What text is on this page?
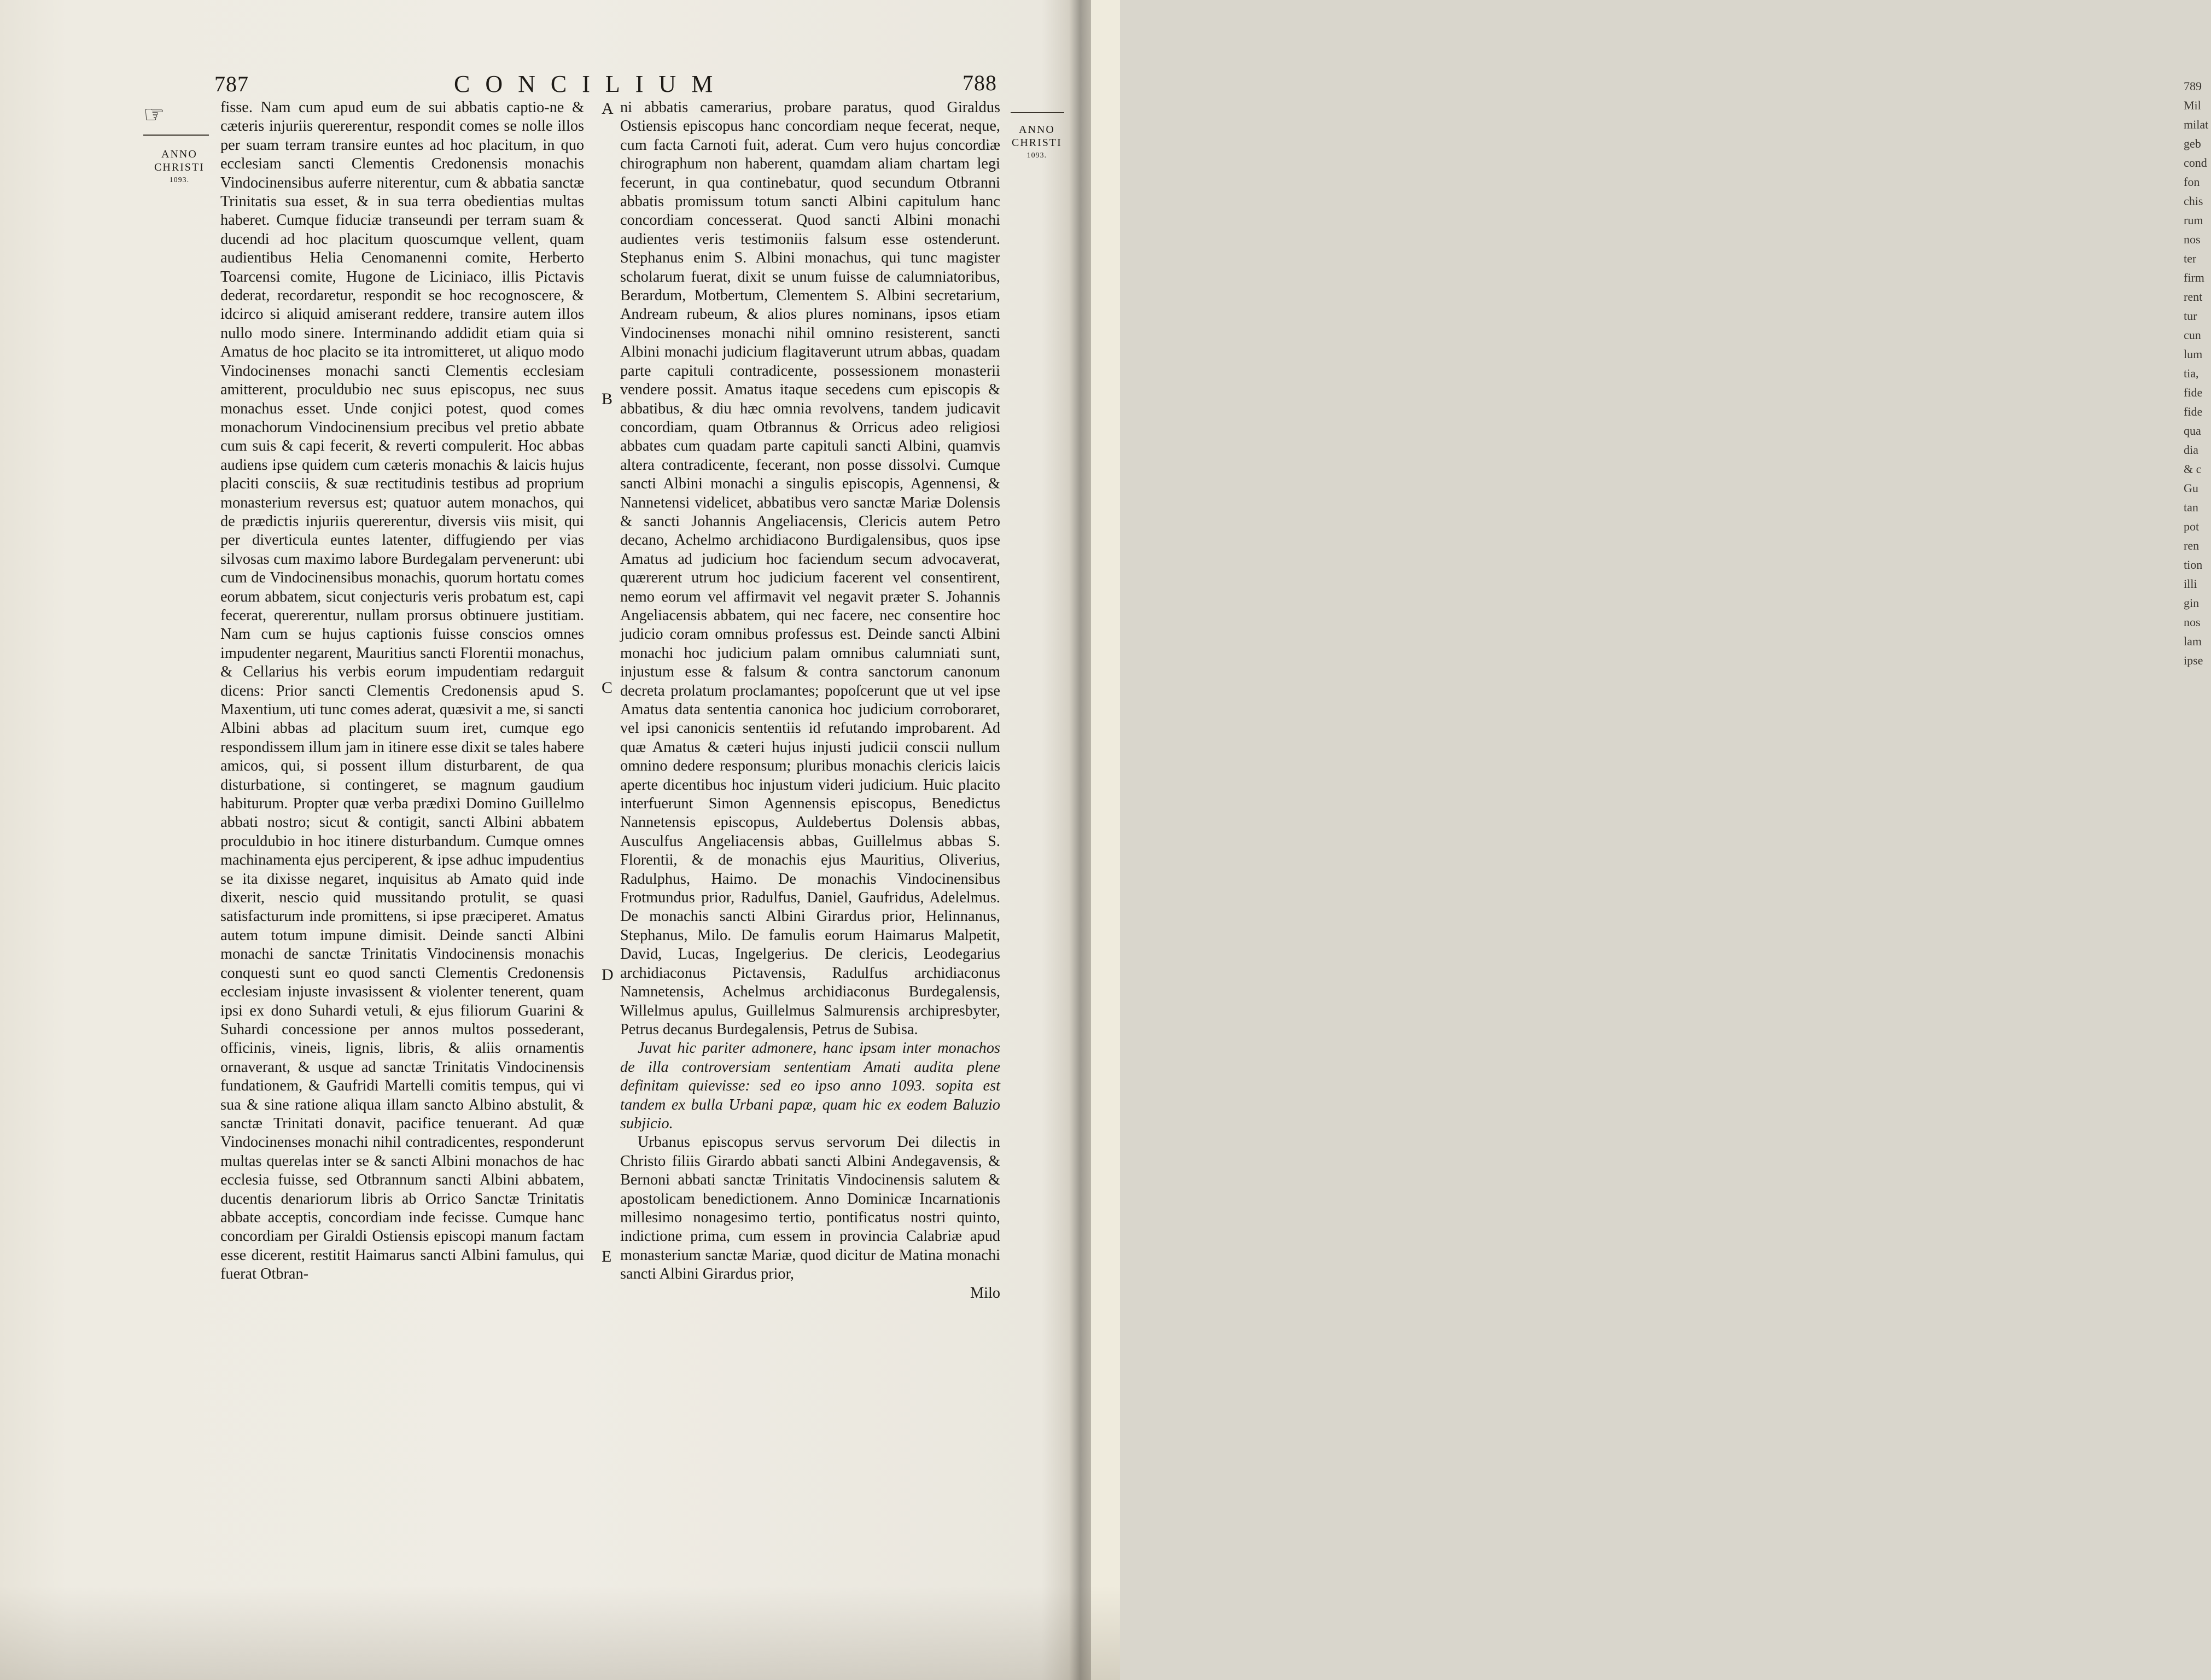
789
Mil
milat
geb
cond
fon
chis
rum
nos
ter
firm
rent
tur
cun
lum
tia,
fide
fide
qua
dia
& c
Gu
tan
pot
ren
tion
illi
gin
nos
lam
ipse
787	CONCILIUM	788
☞
ANNO
CHRISTI
1093.
ANNO
CHRISTI
1093.
A
B
C
D
E

fisse. Nam cum apud eum de sui abbatis captio-ne & cæteris injuriis quererentur, respondit comes se nolle illos per suam terram transire euntes ad hoc placitum, in quo ecclesiam sancti Clementis Credonensis monachis Vindocinensibus auferre niterentur, cum & abbatia sanctæ Trinitatis sua esset, & in sua terra obedientias multas haberet. Cumque fiduciæ transeundi per terram suam & ducendi ad hoc placitum quoscumque vellent, quam audientibus Helia Cenomanenni comite, Herberto Toarcensi comite, Hugone de Liciniaco, illis Pictavis dederat, recordaretur, respondit se hoc recognoscere, & idcirco si aliquid amiserant reddere, transire autem illos nullo modo sinere. Interminando addidit etiam quia si Amatus de hoc placito se ita intromitteret, ut aliquo modo Vindocinenses monachi sancti Clementis ecclesiam amitterent, proculdubio nec suus episcopus, nec suus monachus esset. Unde conjici potest, quod comes monachorum Vindocinensium precibus vel pretio abbate cum suis & capi fecerit, & reverti compulerit. Hoc abbas audiens ipse quidem cum cæteris monachis & laicis hujus placiti consciis, & suæ rectitudinis testibus ad proprium monasterium reversus est; quatuor autem monachos, qui de prædictis injuriis quererentur, diversis viis misit, qui per diverticula euntes latenter, diffugiendo per vias silvosas cum maximo labore Burdegalam pervenerunt: ubi cum de Vindocinensibus monachis, quorum hortatu comes eorum abbatem, sicut conjecturis veris probatum est, capi fecerat, quererentur, nullam prorsus obtinuere justitiam. Nam cum se hujus captionis fuisse conscios omnes impudenter negarent, Mauritius sancti Florentii monachus, & Cellarius his verbis eorum impudentiam redarguit dicens: Prior sancti Clementis Credonensis apud S. Maxentium, uti tunc comes aderat, quæsivit a me, si sancti Albini abbas ad placitum suum iret, cumque ego respondissem illum jam in itinere esse dixit se tales habere amicos, qui, si possent illum disturbarent, de qua disturbatione, si contingeret, se magnum gaudium habiturum. Propter quæ verba prædixi Domino Guillelmo abbati nostro; sicut & contigit, sancti Albini abbatem proculdubio in hoc itinere disturbandum. Cumque omnes machinamenta ejus perciperent, & ipse adhuc impudentius se ita dixisse negaret, inquisitus ab Amato quid inde dixerit, nescio quid mussitando protulit, se quasi satisfacturum inde promittens, si ipse præciperet. Amatus autem totum impune dimisit. Deinde sancti Albini monachi de sanctæ Trinitatis Vindocinensis monachis conquesti sunt eo quod sancti Clementis Credonensis ecclesiam injuste invasissent & violenter tenerent, quam ipsi ex dono Suhardi vetuli, & ejus filiorum Guarini & Suhardi concessione per annos multos possederant, officinis, vineis, lignis, libris, & aliis ornamentis ornaverant, & usque ad sanctæ Trinitatis Vindocinensis fundationem, & Gaufridi Martelli comitis tempus, qui vi sua & sine ratione aliqua illam sancto Albino abstulit, & sanctæ Trinitati donavit, pacifice tenuerant. Ad quæ Vindocinenses monachi nihil contradicentes, responderunt multas querelas inter se & sancti Albini monachos de hac ecclesia fuisse, sed Otbrannum sancti Albini abbatem, ducentis denariorum libris ab Orrico Sanctæ Trinitatis abbate acceptis, concordiam inde fecisse. Cumque hanc concordiam per Giraldi Ostiensis episcopi manum factam esse dicerent, restitit Haimarus sancti Albini famulus, qui fuerat Otbran-

ni abbatis camerarius, probare paratus, quod Giraldus Ostiensis episcopus hanc concordiam neque fecerat, neque, cum facta Carnoti fuit, aderat. Cum vero hujus concordiæ chirographum non haberent, quamdam aliam chartam legi fecerunt, in qua continebatur, quod secundum Otbranni abbatis promissum totum sancti Albini capitulum hanc concordiam concesserat. Quod sancti Albini monachi audientes veris testimoniis falsum esse ostenderunt. Stephanus enim S. Albini monachus, qui tunc magister scholarum fuerat, dixit se unum fuisse de calumniatoribus, Berardum, Motbertum, Clementem S. Albini secretarium, Andream rubeum, & alios plures nominans, ipsos etiam Vindocinenses monachi nihil omnino resisterent, sancti Albini monachi judicium flagitaverunt utrum abbas, quadam parte capituli contradicente, possessionem monasterii vendere possit. Amatus itaque secedens cum episcopis & abbatibus, & diu hæc omnia revolvens, tandem judicavit concordiam, quam Otbrannus & Orricus adeo religiosi abbates cum quadam parte capituli sancti Albini, quamvis altera contradicente, fecerant, non posse dissolvi. Cumque sancti Albini monachi a singulis episcopis, Agennensi, & Nannetensi videlicet, abbatibus vero sanctæ Mariæ Dolensis & sancti Johannis Angeliacensis, Clericis autem Petro decano, Achelmo archidiacono Burdigalensibus, quos ipse Amatus ad judicium hoc faciendum secum advocaverat, quærerent utrum hoc judicium facerent vel consentirent, nemo eorum vel affirmavit vel negavit præter S. Johannis Angeliacensis abbatem, qui nec facere, nec consentire hoc judicio coram omnibus professus est. Deinde sancti Albini monachi hoc judicium palam omnibus calumniati sunt, injustum esse & falsum & contra sanctorum canonum decreta prolatum proclamantes; popoſcerunt que ut vel ipse Amatus data sententia canonica hoc judicium corroboraret, vel ipsi canonicis sententiis id refutando improbarent. Ad quæ Amatus & cæteri hujus injusti judicii conscii nullum omnino dedere responsum; pluribus monachis clericis laicis aperte dicentibus hoc injustum videri judicium. Huic placito interfuerunt Simon Agennensis episcopus, Benedictus Nannetensis episcopus, Auldebertus Dolensis abbas, Ausculfus Angeliacensis abbas, Guillelmus abbas S. Florentii, & de monachis ejus Mauritius, Oliverius, Radulphus, Haimo. De monachis Vindocinensibus Frotmundus prior, Radulfus, Daniel, Gaufridus, Adelelmus. De monachis sancti Albini Girardus prior, Helinnanus, Stephanus, Milo. De famulis eorum Haimarus Malpetit, David, Lucas, Ingelgerius. De clericis, Leodegarius archidiaconus Pictavensis, Radulfus archidiaconus Namnetensis, Achelmus archidiaconus Burdegalensis, Willelmus apulus, Guillelmus Salmurensis archipresbyter, Petrus decanus Burdegalensis, Petrus de Subisa.

Juvat hic pariter admonere, hanc ipsam inter monachos de illa controversiam sententiam Amati audita plene definitam quievisse: sed eo ipso anno 1093. sopita est tandem ex bulla Urbani papæ, quam hic ex eodem Baluzio subjicio.

Urbanus episcopus servus servorum Dei dilectis in Christo filiis Girardo abbati sancti Albini Andegavensis, & Bernoni abbati sanctæ Trinitatis Vindocinensis salutem & apostolicam benedictionem. Anno Dominicæ Incarnationis millesimo nonagesimo tertio, pontificatus nostri quinto, indictione prima, cum essem in provincia Calabriæ apud monasterium sanctæ Mariæ, quod dicitur de Matina monachi sancti Albini Girardus prior,

Milo
